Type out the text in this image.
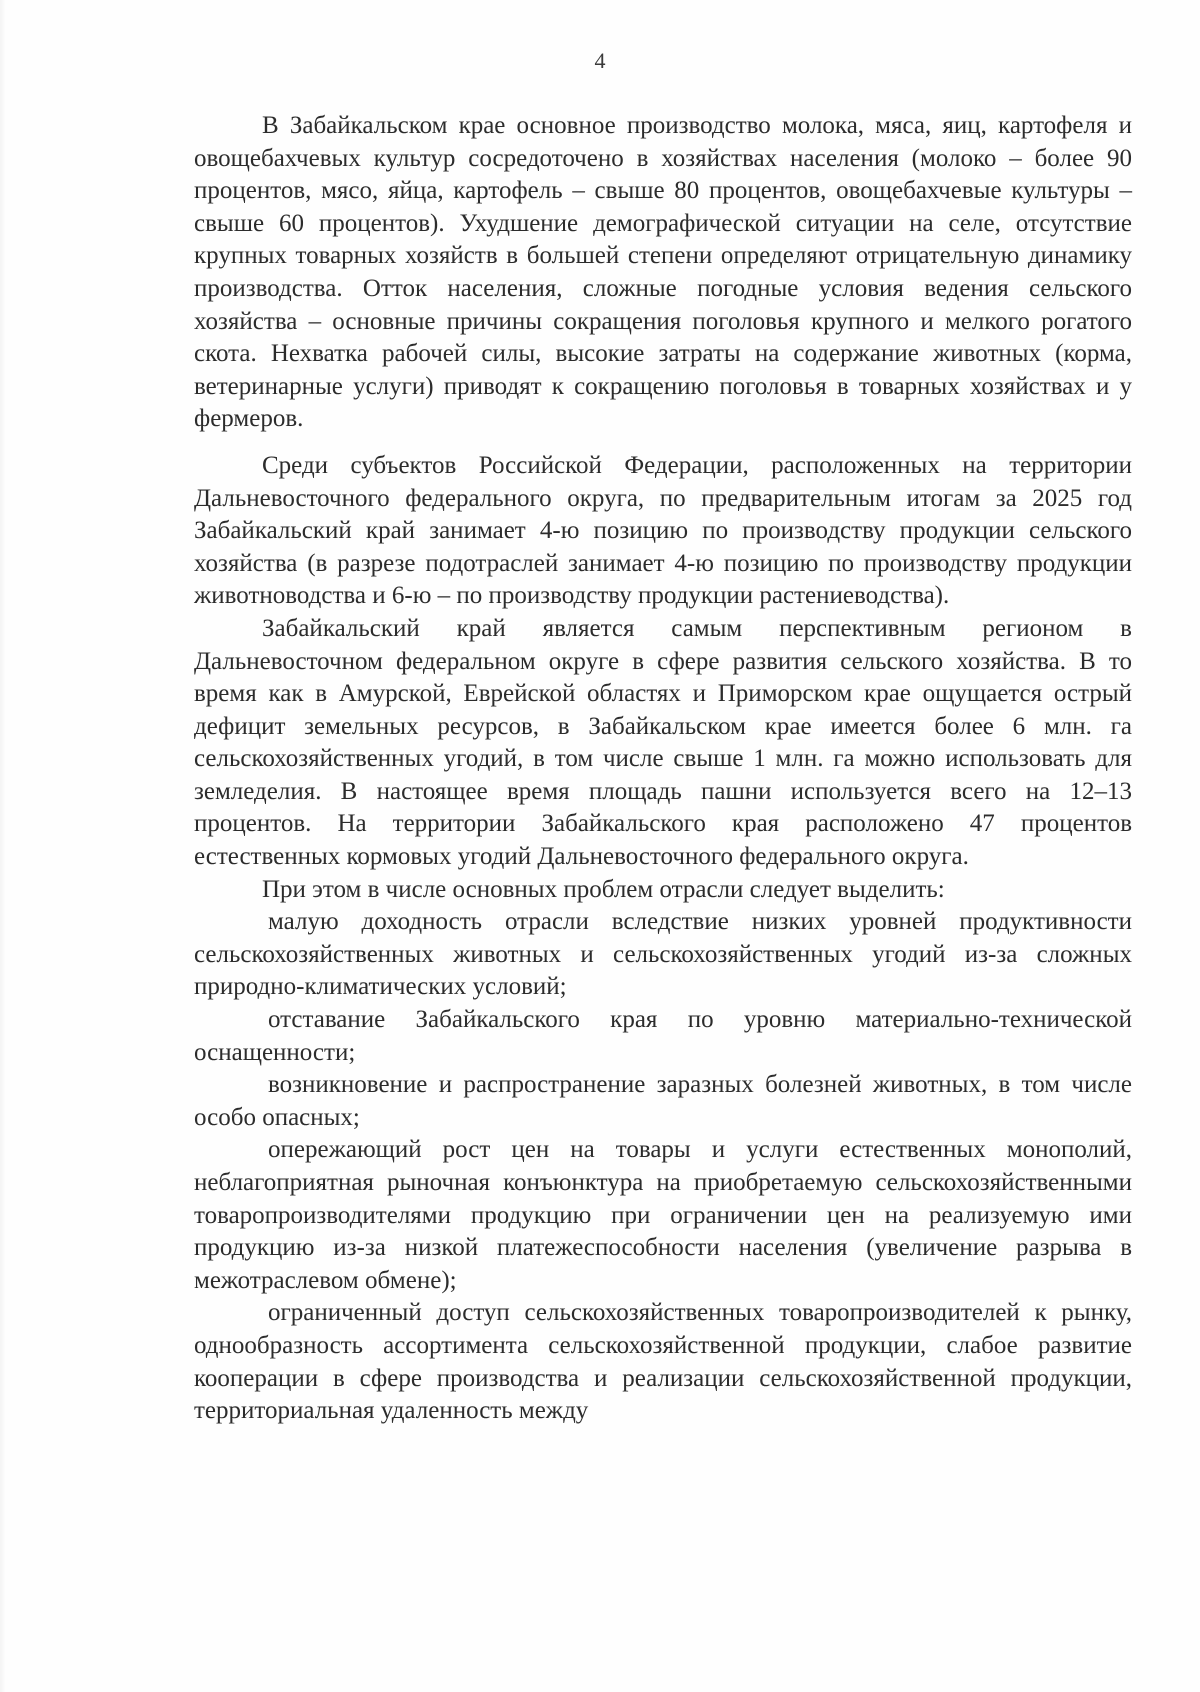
4

В Забайкальском крае основное производство молока, мяса, яиц, картофеля и овощебахчевых культур сосредоточено в хозяйствах населения (молоко – более 90 процентов, мясо, яйца, картофель – свыше 80 процентов, овощебахчевые культуры – свыше 60 процентов). Ухудшение демографической ситуации на селе, отсутствие крупных товарных хозяйств в большей степени определяют отрицательную динамику производства. Отток населения, сложные погодные условия ведения сельского хозяйства – основные причины сокращения поголовья крупного и мелкого рогатого скота. Нехватка рабочей силы, высокие затраты на содержание животных (корма, ветеринарные услуги) приводят к сокращению поголовья в товарных хозяйствах и у фермеров.

Среди субъектов Российской Федерации, расположенных на территории Дальневосточного федерального округа, по предварительным итогам за 2025 год Забайкальский край занимает 4-ю позицию по производству продукции сельского хозяйства (в разрезе подотраслей занимает 4-ю позицию по производству продукции животноводства и 6-ю – по производству продукции растениеводства).

Забайкальский край является самым перспективным регионом в Дальневосточном федеральном округе в сфере развития сельского хозяйства. В то время как в Амурской, Еврейской областях и Приморском крае ощущается острый дефицит земельных ресурсов, в Забайкальском крае имеется более 6 млн. га сельскохозяйственных угодий, в том числе свыше 1 млн. га можно использовать для земледелия. В настоящее время площадь пашни используется всего на 12–13 процентов. На территории Забайкальского края расположено 47 процентов естественных кормовых угодий Дальневосточного федерального округа.

При этом в числе основных проблем отрасли следует выделить:

малую доходность отрасли вследствие низких уровней продуктивности сельскохозяйственных животных и сельскохозяйственных угодий из-за сложных природно-климатических условий;

отставание Забайкальского края по уровню материально-технической оснащенности;

возникновение и распространение заразных болезней животных, в том числе особо опасных;

опережающий рост цен на товары и услуги естественных монополий, неблагоприятная рыночная конъюнктура на приобретаемую сельскохозяйственными товаропроизводителями продукцию при ограничении цен на реализуемую ими продукцию из-за низкой платежеспособности населения (увеличение разрыва в межотраслевом обмене);

ограниченный доступ сельскохозяйственных товаропроизводителей к рынку, однообразность ассортимента сельскохозяйственной продукции, слабое развитие кооперации в сфере производства и реализации сельскохозяйственной продукции, территориальная удаленность между
